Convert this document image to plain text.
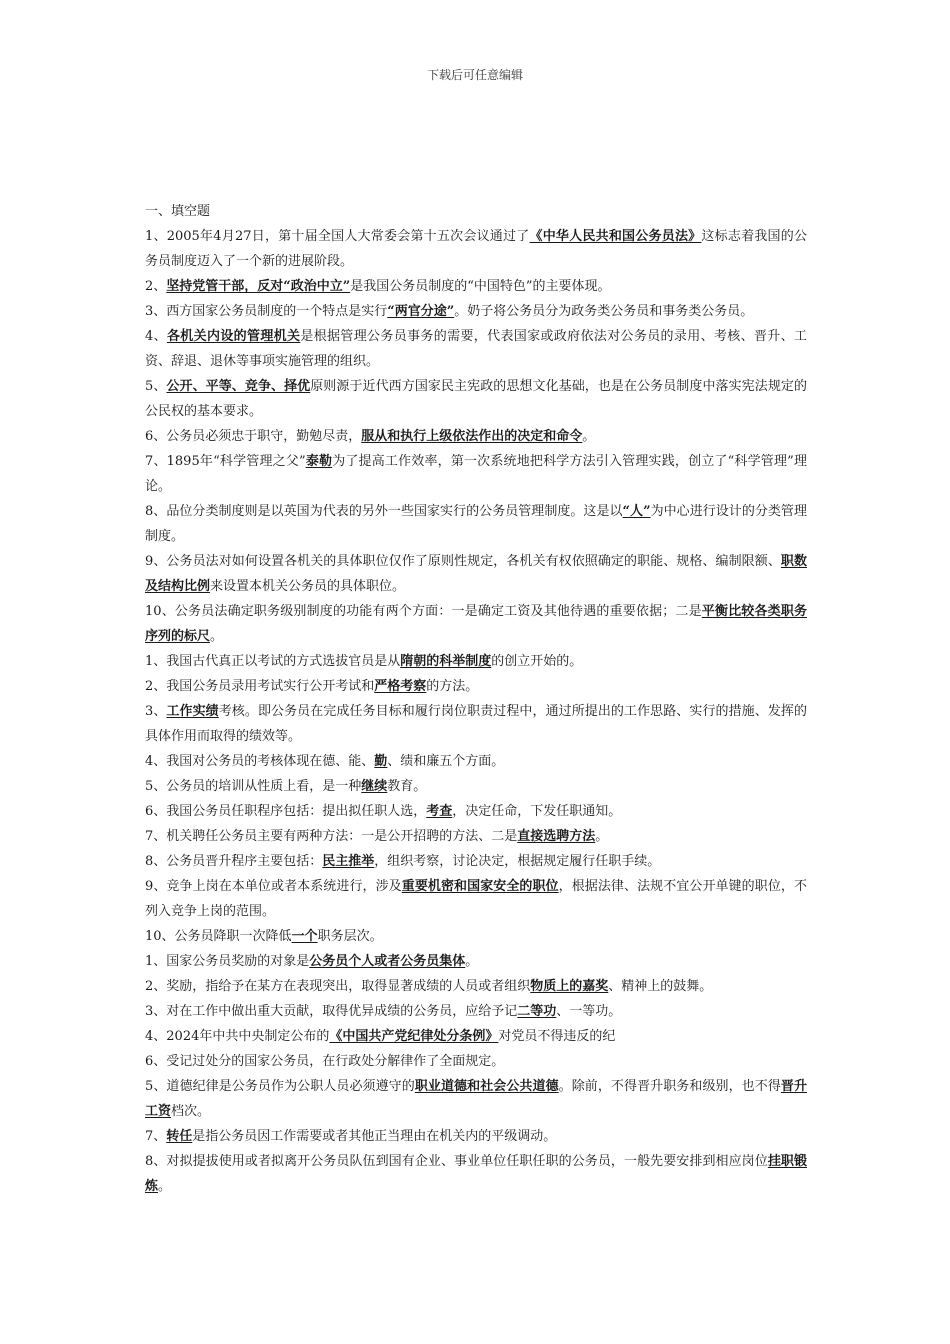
下载后可任意编辑

一、填空题

1、2005年4月27日，第十届全国人大常委会第十五次会议通过了《中华人民共和国公务员法》这标志着我国的公务员制度迈入了一个新的进展阶段。

2、坚持党管干部，反对“政治中立”是我国公务员制度的“中国特色”的主要体现。

3、西方国家公务员制度的一个特点是实行“两官分途”。奶子将公务员分为政务类公务员和事务类公务员。

4、各机关内设的管理机关是根据管理公务员事务的需要，代表国家或政府依法对公务员的录用、考核、晋升、工资、辞退、退休等事项实施管理的组织。

5、公开、平等、竞争、择优原则源于近代西方国家民主宪政的思想文化基础，也是在公务员制度中落实宪法规定的公民权的基本要求。

6、公务员必须忠于职守，勤勉尽责，服从和执行上级依法作出的决定和命令。

7、1895年“科学管理之父”泰勒为了提高工作效率，第一次系统地把科学方法引入管理实践，创立了“科学管理”理论。

8、品位分类制度则是以英国为代表的另外一些国家实行的公务员管理制度。这是以“人”为中心进行设计的分类管理制度。

9、公务员法对如何设置各机关的具体职位仅作了原则性规定，各机关有权依照确定的职能、规格、编制限额、职数及结构比例来设置本机关公务员的具体职位。

10、公务员法确定职务级别制度的功能有两个方面：一是确定工资及其他待遇的重要依据；二是平衡比较各类职务序列的标尺。

1、我国古代真正以考试的方式选拔官员是从隋朝的科举制度的创立开始的。

2、我国公务员录用考试实行公开考试和严格考察的方法。

3、工作实绩考核。即公务员在完成任务目标和履行岗位职责过程中，通过所提出的工作思路、实行的措施、发挥的具体作用而取得的绩效等。

4、我国对公务员的考核体现在德、能、勤、绩和廉五个方面。

5、公务员的培训从性质上看，是一种继续教育。

6、我国公务员任职程序包括：提出拟任职人选，考查，决定任命，下发任职通知。

7、机关聘任公务员主要有两种方法：一是公开招聘的方法、二是直接选聘方法。

8、公务员晋升程序主要包括：民主推举，组织考察，讨论决定，根据规定履行任职手续。

9、竞争上岗在本单位或者本系统进行，涉及重要机密和国家安全的职位，根据法律、法规不宜公开单键的职位，不列入竞争上岗的范围。

10、公务员降职一次降低一个职务层次。

1、国家公务员奖励的对象是公务员个人或者公务员集体。

2、奖励，指给予在某方在表现突出，取得显著成绩的人员或者组织物质上的嘉奖、精神上的鼓舞。

3、对在工作中做出重大贡献，取得优异成绩的公务员，应给予记二等功、一等功。

4、2024年中共中央制定公布的《中国共产党纪律处分条例》对党员不得违反的纪

6、受记过处分的国家公务员，在行政处分解律作了全面规定。

5、道德纪律是公务员作为公职人员必须遵守的职业道德和社会公共道德。除前，不得晋升职务和级别，也不得晋升工资档次。

7、转任是指公务员因工作需要或者其他正当理由在机关内的平级调动。

8、对拟提拔使用或者拟离开公务员队伍到国有企业、事业单位任职任职的公务员，一般先要安排到相应岗位挂职锻炼。
